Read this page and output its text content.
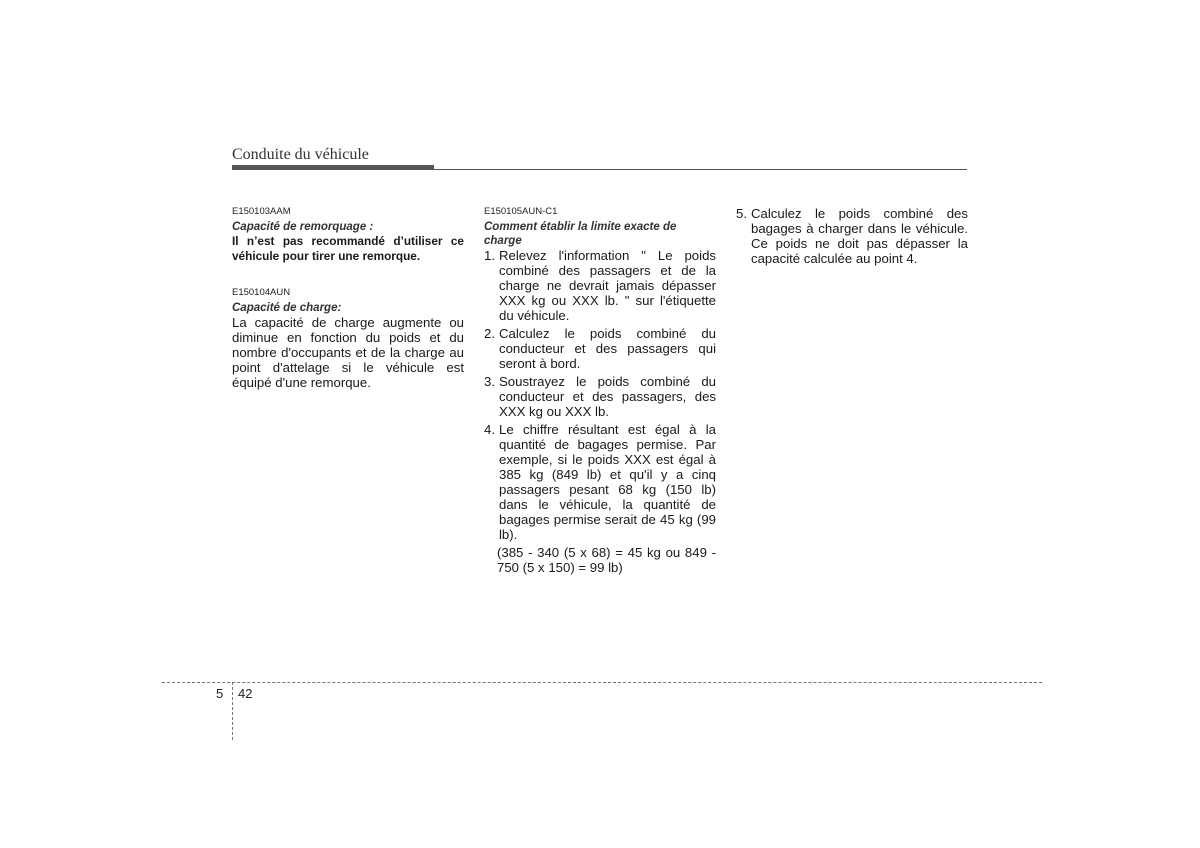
Conduite du véhicule
E150103AAM
Capacité de remorquage :
Il n’est pas recommandé d’utiliser ce véhicule pour tirer une remorque.
E150104AUN
Capacité de charge:
La capacité de charge augmente ou diminue en fonction du poids et du nombre d'occupants et de la charge au point d'attelage si le véhicule est équipé d'une remorque.
E150105AUN-C1
Comment établir la limite exacte de charge
1. Relevez l'information " Le poids combiné des passagers et de la charge ne devrait jamais dépasser XXX kg ou XXX lb. " sur l'étiquette du véhicule.
2. Calculez le poids combiné du conducteur et des passagers qui seront à bord.
3. Soustrayez le poids combiné du conducteur et des passagers, des XXX kg ou XXX lb.
4. Le chiffre résultant est égal à la quantité de bagages permise. Par exemple, si le poids XXX est égal à 385 kg (849 lb) et qu'il y a cinq passagers pesant 68 kg (150 lb) dans le véhicule, la quantité de bagages permise serait de 45 kg (99 lb).
(385 - 340 (5 x 68) = 45 kg ou 849 - 750 (5 x 150) = 99 lb)
5. Calculez le poids combiné des bagages à charger dans le véhicule. Ce poids ne doit pas dépasser la capacité calculée au point 4.
5 42
